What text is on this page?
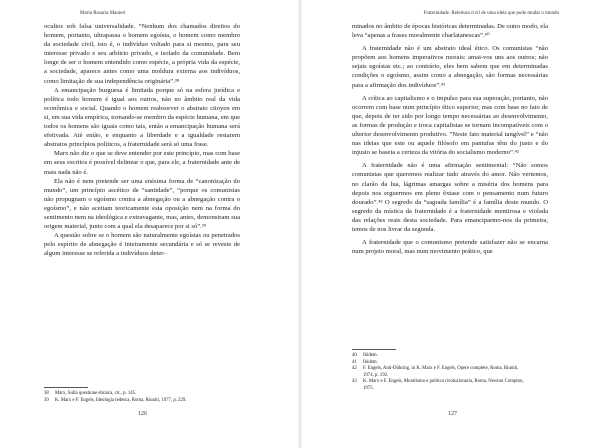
Maria Rosaria Manieri

ocultos sob falsa universalidade. “Nenhum dos chamados direitos do homem, portanto, ultrapassa o homem egoísta, o homem como membro da sociedade civil, isto é, o indivíduo voltado para si mesmo, para seu interesse privado e seu arbítrio privado, e isolado da comunidade. Bem longe de ser o homem entendido como espécie, a própria vida da espécie, a sociedade, aparece antes como uma moldura externa aos indivíduos, como limitação de sua independência originária”.³⁸

A emancipação burguesa é limitada porque só na esfera jurídica e política todo homem é igual aos outros, não no âmbito real da vida econômica e social. Quando o homem reabsorver o abstrato citoyen em si, em sua vida empírica, tornando-se membro da espécie humana, em que todos os homens são iguais como tais, então a emancipação humana será efetivada. Até então, e enquanto a liberdade e a igualdade restarem abstratos princípios políticos, a fraternidade será só uma frase.

Marx não diz o que se deve entender por este princípio, mas com base em seus escritos é possível delinear o que, para ele, a fraternidade ante de mais nada não é.

Ela não é nem pretende ser uma enésima forma de “canonização do mundo”, um princípio ascético de “santidade”, “porque os comunistas não propugnam o egoísmo contra a abnegação ou a abnegação contra o egoísmo”, e não aceitam teoricamente esta oposição nem na forma do sentimento nem na ideológica e extravagante, mas, antes, demonstram sua origem material, junto com a qual ela desaparece por si só”.³⁹

A questão sobre se o homem são naturalmente egoístas ou penetrados pelo espírito de abnegação é inteiramente secundária e só se reveste de algum interesse se referida a indivíduos deter-

38 Marx, Sulla questione ebraica, cit., p. 145.
39 K. Marx e F. Engels, Ideologia tedesca, Roma, Riuniti, 1977, p. 229.
126
Fraternidade. Releitura civil de uma ideia que pode mudar o mundo

minados no âmbito de épocas históricas determinadas. De outro modo, ela leva “apenas a frases moralmente charlatanescas”.⁴⁰

A fraternidade não é um abstrato ideal ético. Os comunistas “não propõem aos homens imperativos morais: amai-vos uns aos outros; não sejais egoístas etc.; ao contrário, eles bem sabem que em determinadas condições o egoísmo, assim como a abnegação, são formas necessárias para a afirmação dos indivíduos”.⁴¹

A crítica ao capitalismo e o impulso para sua superação, portanto, não ocorrem com base num princípio ético superior, mas com base no fato de que, depois de ter sido por longo tempo necessárias ao desenvolvimento, as formas de produção e troca capitalistas se tornam incompatíveis com o ulterior desenvolvimento produtivo. “Neste fato material tangível” e “não nas ideias que este ou aquele filósofo em pantufas têm do justo e do injusto se baseia a certeza da vitória do socialismo moderno”.⁴²

A fraternidade não é uma afirmação sentimental: “Não somos comunistas que queremos realizar tudo através do amor. Não vertemos, no clarão da lua, lágrimas amargas sobre a miséria dos homens para depois nos erguermos em pleno êxtase com o pensamento num futuro dourado”.⁴³ O segredo da “sagrada família” é a família deste mundo. O segredo da mística da fraternidade é a fraternidade mentirosa e violada das relações reais desta sociedade. Para emanciparmo-nos da primeira, temos de nos livrar da segunda.

A fraternidade que o comunismo pretende satisfazer não se encarna num projeto moral, mas num movimento prático, que

40 Ibidem.
41 Ibidem.
42 F. Engels, Anti-Dühring, in K. Marx e F. Engels, Opere complete, Roma, Riuniti,
1974, p. 192.
43 K. Marx e F. Engels, Moralismo e politica rivoluzionaria, Roma, Newton Compton,
1975.
127
